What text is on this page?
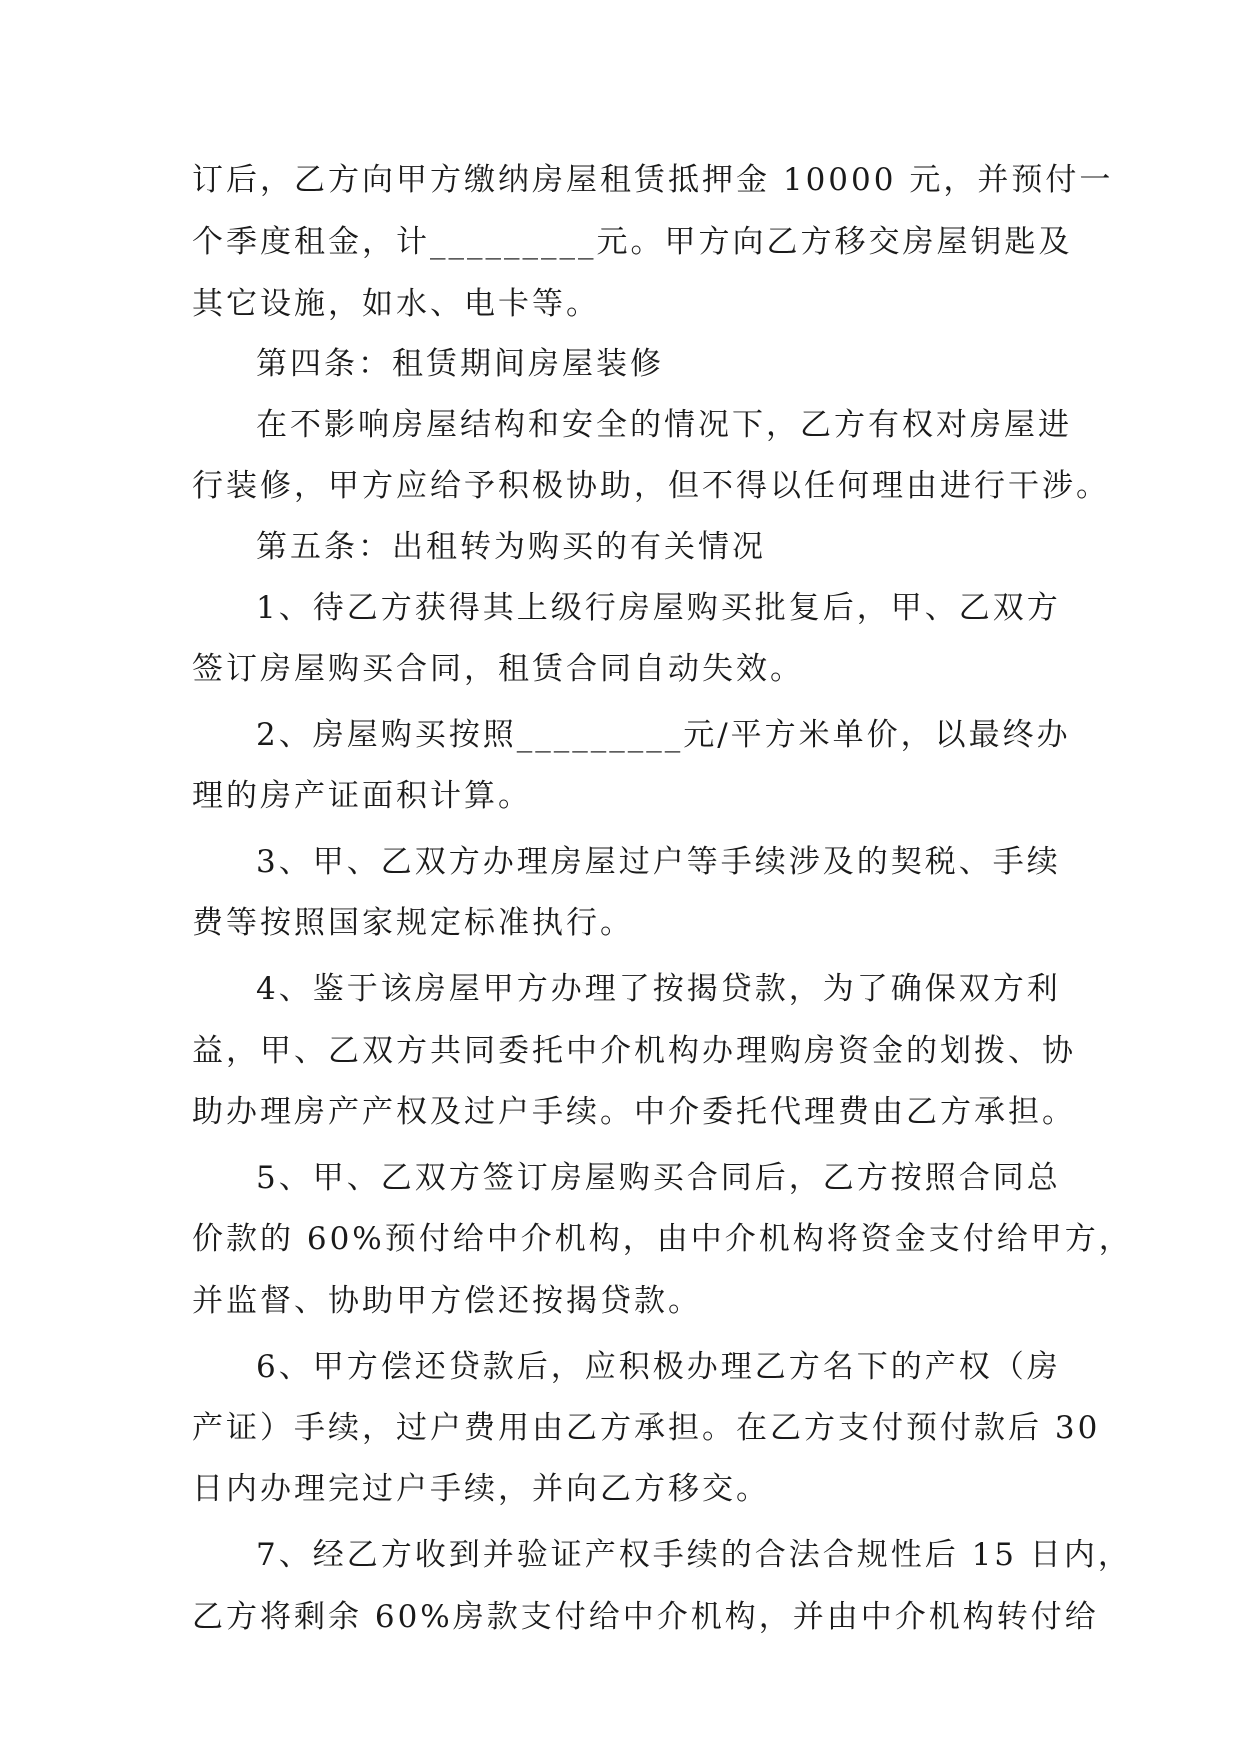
订后，乙方向甲方缴纳房屋租赁抵押金 10000 元，并预付一
个季度租金，计_________元。甲方向乙方移交房屋钥匙及
其它设施，如水、电卡等。
第四条：租赁期间房屋装修
在不影响房屋结构和安全的情况下，乙方有权对房屋进
行装修，甲方应给予积极协助，但不得以任何理由进行干涉。
第五条：出租转为购买的有关情况
1、待乙方获得其上级行房屋购买批复后，甲、乙双方
签订房屋购买合同，租赁合同自动失效。
2、房屋购买按照_________元/平方米单价，以最终办
理的房产证面积计算。
3、甲、乙双方办理房屋过户等手续涉及的契税、手续
费等按照国家规定标准执行。
4、鉴于该房屋甲方办理了按揭贷款，为了确保双方利
益，甲、乙双方共同委托中介机构办理购房资金的划拨、协
助办理房产产权及过户手续。中介委托代理费由乙方承担。
5、甲、乙双方签订房屋购买合同后，乙方按照合同总
价款的 60%预付给中介机构，由中介机构将资金支付给甲方，
并监督、协助甲方偿还按揭贷款。
6、甲方偿还贷款后，应积极办理乙方名下的产权（房
产证）手续，过户费用由乙方承担。在乙方支付预付款后 30
日内办理完过户手续，并向乙方移交。
7、经乙方收到并验证产权手续的合法合规性后 15 日内，
乙方将剩余 60%房款支付给中介机构，并由中介机构转付给
